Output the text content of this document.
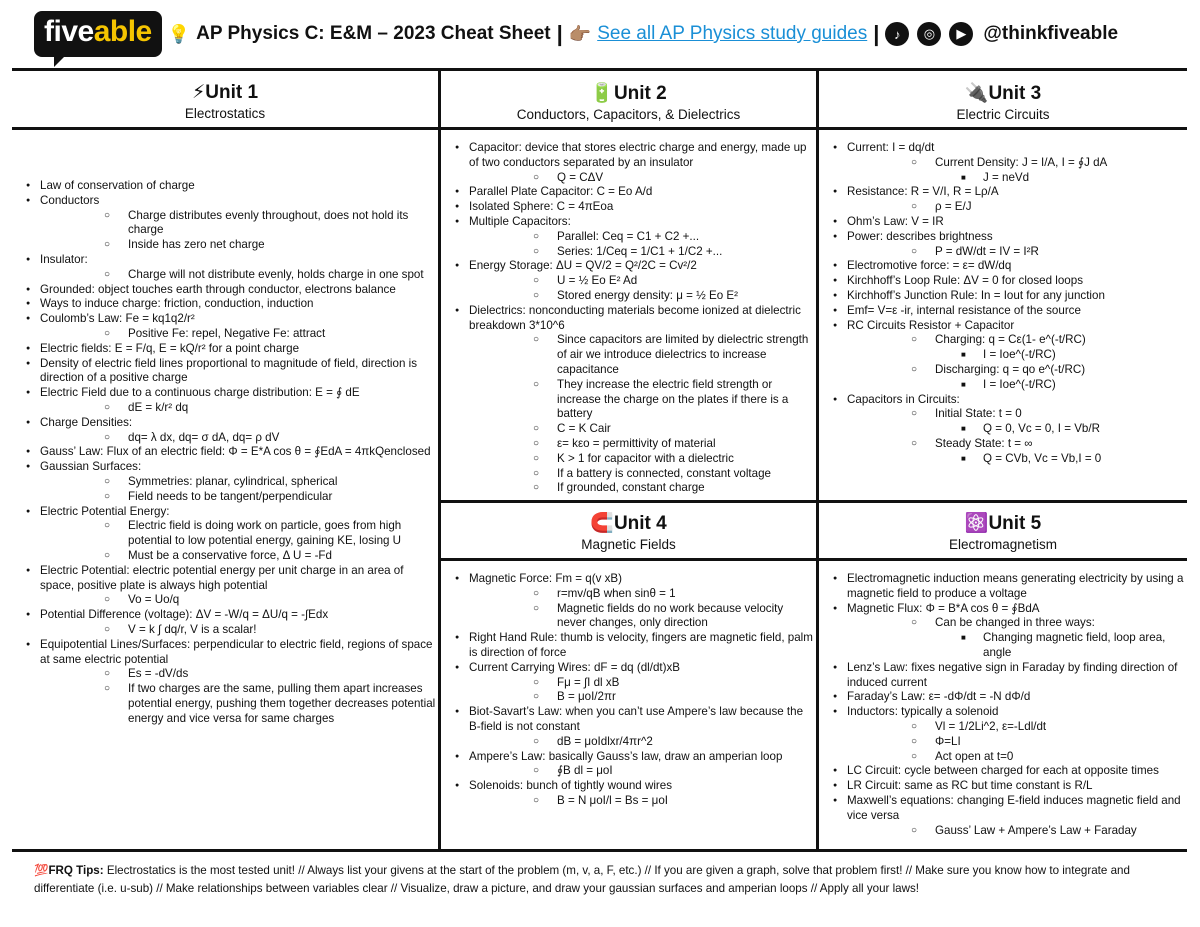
fiveable 💡 AP Physics C: E&M – 2023 Cheat Sheet | 👉🏽 See all AP Physics study guides |	♪	◎	▶ @thinkfiveable
⚡Unit 1
Electrostatics
🔋Unit 2
Conductors, Capacitors, & Dielectrics
🔌Unit 3
Electric Circuits
🧲Unit 4
Magnetic Fields
⚛️Unit 5
Electromagnetism
● Law of conservation of charge
● Conductors
○ Charge distributes evenly throughout, does not hold its charge
○ Inside has zero net charge
● Insulator:
○ Charge will not distribute evenly, holds charge in one spot
● Grounded: object touches earth through conductor, electrons balance
● Ways to induce charge: friction, conduction, induction
● Coulomb’s Law: Fe = kq1q2/r²
○ Positive Fe: repel, Negative Fe: attract
● Electric fields: E = F/q, E = kQ/r² for a point charge
● Density of electric field lines proportional to magnitude of field, direction is direction of a positive charge
● Electric Field due to a continuous charge distribution: E = ∮ dE
○ dE = k/r² dq
● Charge Densities:
○ dq= λ dx, dq= σ dA, dq= ρ dV
● Gauss’ Law: Flux of an electric field: Φ = E*A cos θ = ∮EdA = 4πkQenclosed
● Gaussian Surfaces:
○ Symmetries: planar, cylindrical, spherical
○ Field needs to be tangent/perpendicular
● Electric Potential Energy:
○ Electric field is doing work on particle, goes from high potential to low potential energy, gaining KE, losing U
○ Must be a conservative force, Δ U = -Fd
● Electric Potential: electric potential energy per unit charge in an area of space, positive plate is always high potential
○ Vo = Uo/q
● Potential Difference (voltage): ΔV = -W/q = ΔU/q = -∫Edx
○ V = k ∫ dq/r, V is a scalar!
● Equipotential Lines/Surfaces: perpendicular to electric field, regions of space at same electric potential
○ Es = -dV/ds
○ If two charges are the same, pulling them apart increases potential energy, pushing them together decreases potential energy and vice versa for same charges
● Capacitor: device that stores electric charge and energy, made up of two conductors separated by an insulator
○ Q = CΔV
● Parallel Plate Capacitor: C = Eo A/d
● Isolated Sphere: C = 4πEoa
● Multiple Capacitors:
○ Parallel: Ceq = C1 + C2 +...
○ Series: 1/Ceq = 1/C1 + 1/C2 +...
● Energy Storage: ΔU = QV/2 = Q²/2C = Cv²/2
○ U = ½ Eo E² Ad
○ Stored energy density: μ = ½ Eo E²
● Dielectrics: nonconducting materials become ionized at dielectric breakdown 3*10^6
○ Since capacitors are limited by dielectric strength of air we introduce dielectrics to increase capacitance
○ They increase the electric field strength or increase the charge on the plates if there is a battery
○ C = K Cair
○ ε= kεo = permittivity of material
○ K > 1 for capacitor with a dielectric
○ If a battery is connected, constant voltage
○ If grounded, constant charge
● Current: I = dq/dt
○ Current Density: J = I/A, I = ∮J dA
■ J = neVd
● Resistance: R = V/I, R = Lρ/A
○ ρ = E/J
● Ohm’s Law: V = IR
● Power: describes brightness
○ P = dW/dt = IV = I²R
● Electromotive force: = ε= dW/dq
● Kirchhoff’s Loop Rule: ΔV = 0 for closed loops
● Kirchhoff’s Junction Rule: In = Iout for any junction
● Emf= V=ε -ir, internal resistance of the source
● RC Circuits Resistor + Capacitor
○ Charging: q = Cε(1- e^(-t/RC)
■ I = Ioe^(-t/RC)
○ Discharging: q = qo e^(-t/RC)
■ I = Ioe^(-t/RC)
● Capacitors in Circuits:
○ Initial State: t = 0
■ Q = 0, Vc = 0, I = Vb/R
○ Steady State: t = ∞
■ Q = CVb, Vc = Vb,I = 0
● Magnetic Force: Fm = q(v xB)
○ r=mv/qB when sinθ = 1
○ Magnetic fields do no work because velocity never changes, only direction
● Right Hand Rule: thumb is velocity, fingers are magnetic field, palm is direction of force
● Current Carrying Wires: dF = dq (dl/dt)xB
○ Fμ = ∫I dl xB
○ B = μoI/2πr
● Biot-Savart’s Law: when you can’t use Ampere’s law because the B-field is not constant
○ dB = μoIdlxr/4πr^2
● Ampere’s Law: basically Gauss’s law, draw an amperian loop
○ ∮B dl = μoI
● Solenoids: bunch of tightly wound wires
○ B = N μoI/l = Bs = μoI
● Electromagnetic induction means generating electricity by using a magnetic field to produce a voltage
● Magnetic Flux: Φ = B*A cos θ = ∮BdA
○ Can be changed in three ways:
■ Changing magnetic field, loop area, angle
● Lenz’s Law: fixes negative sign in Faraday by finding direction of induced current
● Faraday’s Law: ε= -dΦ/dt = -N dΦ/d
● Inductors: typically a solenoid
○ Vl = 1/2Li^2, ε=-Ldl/dt
○ Φ=LI
○ Act open at t=0
● LC Circuit: cycle between charged for each at opposite times
● LR Circuit: same as RC but time constant is R/L
● Maxwell’s equations: changing E-field induces magnetic field and vice versa
○ Gauss’ Law + Ampere’s Law + Faraday
💯FRQ Tips: Electrostatics is the most tested unit! // Always list your givens at the start of the problem (m, v, a, F, etc.) // If you are given a graph, solve that problem first! // Make sure you know how to integrate and differentiate (i.e. u-sub) // Make relationships between variables clear // Visualize, draw a picture, and draw your gaussian surfaces and amperian loops // Apply all your laws!
